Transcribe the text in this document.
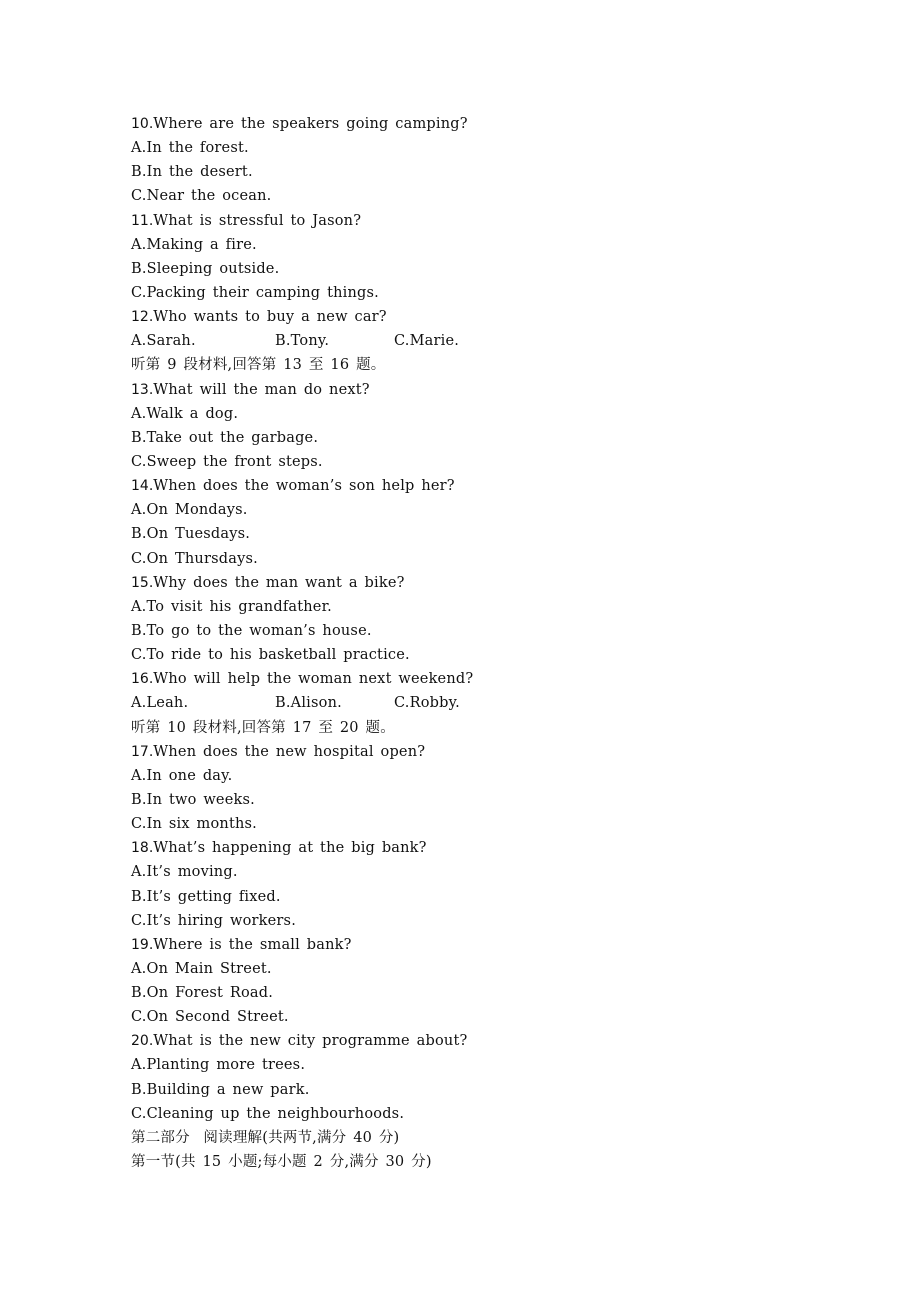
10.Where are the speakers going camping?
A.In the forest.
B.In the desert.
C.Near the ocean.
11.What is stressful to Jason?
A.Making a fire.
B.Sleeping outside.
C.Packing their camping things.
12.Who wants to buy a new car?
A.Sarah.	B.Tony.	C.Marie.
听第 9 段材料,回答第 13 至 16 题。
13.What will the man do next?
A.Walk a dog.
B.Take out the garbage.
C.Sweep the front steps.
14.When does the woman’s son help her?
A.On Mondays.
B.On Tuesdays.
C.On Thursdays.
15.Why does the man want a bike?
A.To visit his grandfather.
B.To go to the woman’s house.
C.To ride to his basketball practice.
16.Who will help the woman next weekend?
A.Leah.	B.Alison.	C.Robby.
听第 10 段材料,回答第 17 至 20 题。
17.When does the new hospital open?
A.In one day.
B.In two weeks.
C.In six months.
18.What’s happening at the big bank?
A.It’s moving.
B.It’s getting fixed.
C.It’s hiring workers.
19.Where is the small bank?
A.On Main Street.
B.On Forest Road.
C.On Second Street.
20.What is the new city programme about?
A.Planting more trees.
B.Building a new park.
C.Cleaning up the neighbourhoods.
第二部分  阅读理解(共两节,满分 40 分)
第一节(共 15 小题;每小题 2 分,满分 30 分)
